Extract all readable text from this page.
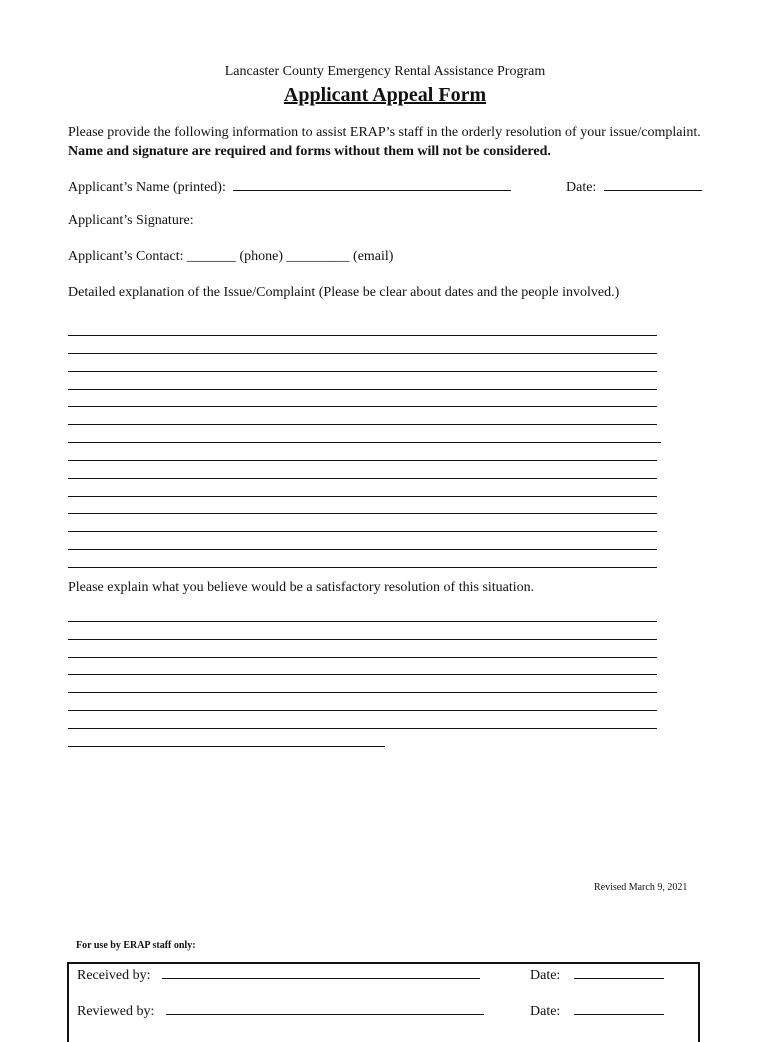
Lancaster County Emergency Rental Assistance Program
Applicant Appeal Form
Please provide the following information to assist ERAP’s staff in the orderly resolution of your issue/complaint. Name and signature are required and forms without them will not be considered.
Applicant’s Name (printed):	Date:
Applicant’s Signature:
Applicant’s Contact: _______ (phone) _________ (email)
Detailed explanation of the Issue/Complaint (Please be clear about dates and the people involved.)
Please explain what you believe would be a satisfactory resolution of this situation.
Revised March 9, 2021
For use by ERAP staff only:
Received by:	Date:
Reviewed by:	Date:
